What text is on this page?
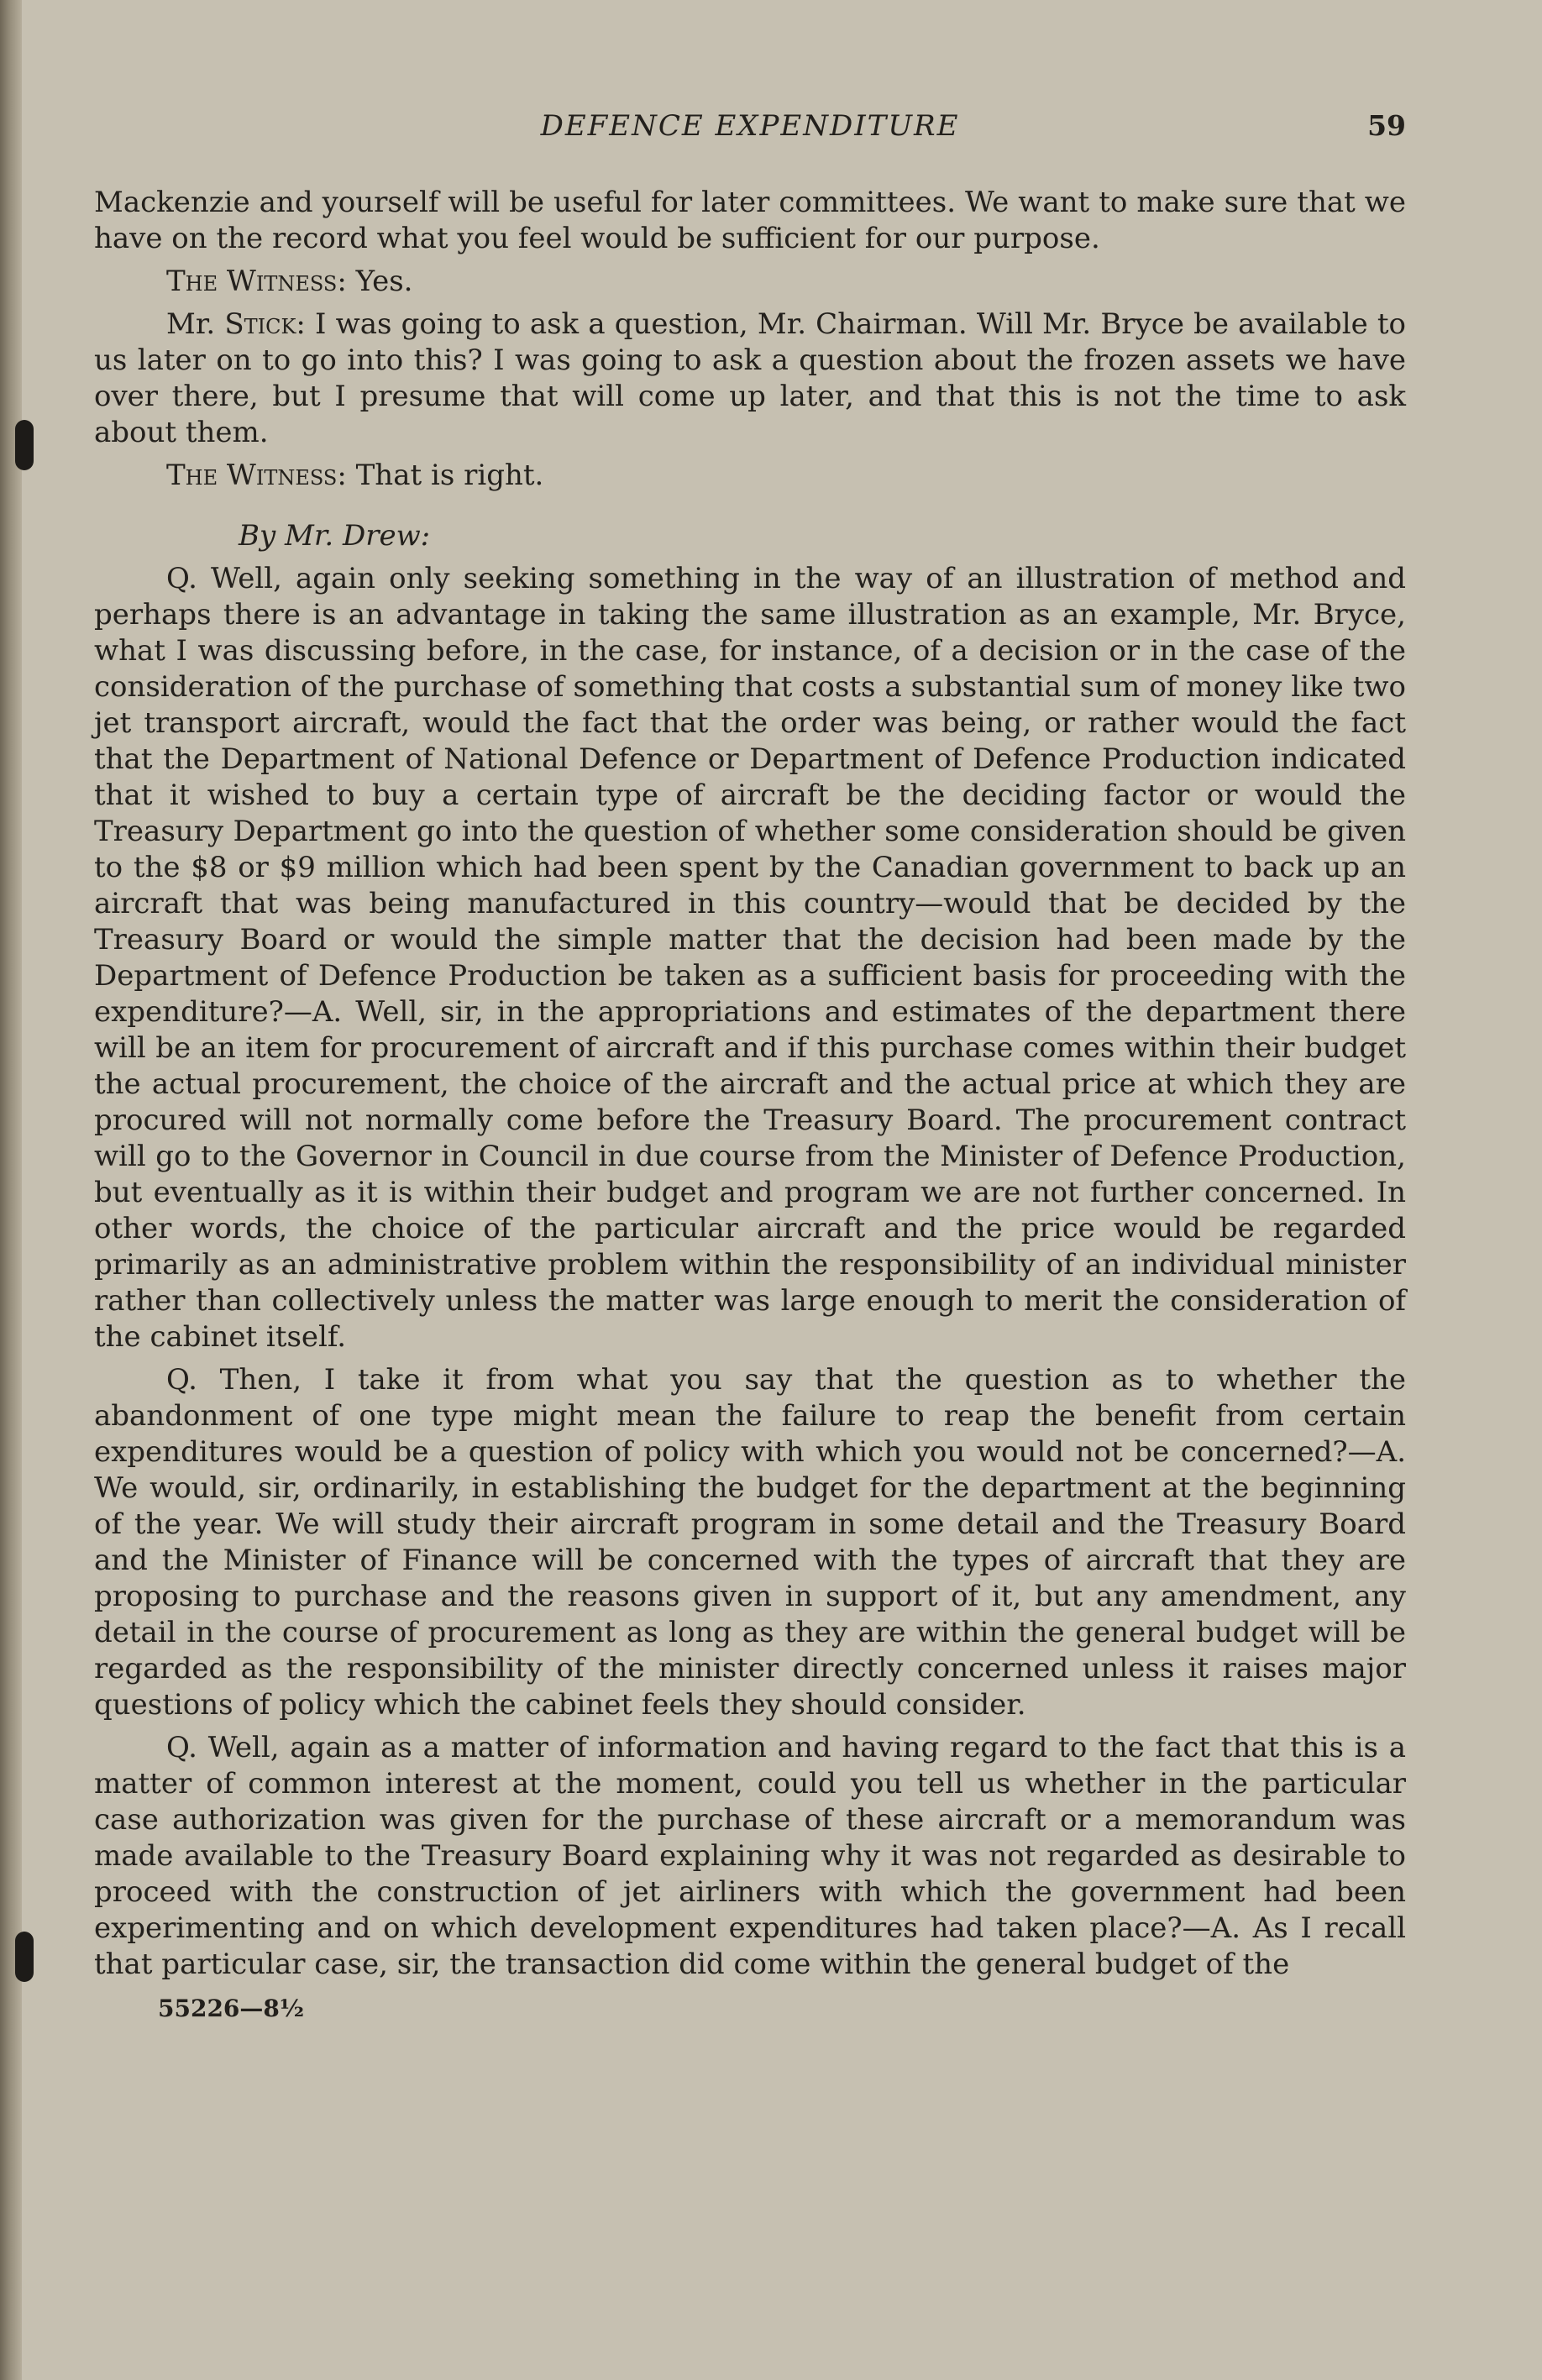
DEFENCE EXPENDITURE	59

Mackenzie and yourself will be useful for later committees. We want to make sure that we have on the record what you feel would be sufficient for our purpose.

The Witness: Yes.

Mr. Stick: I was going to ask a question, Mr. Chairman. Will Mr. Bryce be available to us later on to go into this? I was going to ask a question about the frozen assets we have over there, but I presume that will come up later, and that this is not the time to ask about them.

The Witness: That is right.

By Mr. Drew:

Q. Well, again only seeking something in the way of an illustration of method and perhaps there is an advantage in taking the same illustration as an example, Mr. Bryce, what I was discussing before, in the case, for instance, of a decision or in the case of the consideration of the purchase of something that costs a substantial sum of money like two jet transport aircraft, would the fact that the order was being, or rather would the fact that the Department of National Defence or Department of Defence Production indicated that it wished to buy a certain type of aircraft be the deciding factor or would the Treasury Department go into the question of whether some consideration should be given to the $8 or $9 million which had been spent by the Canadian government to back up an aircraft that was being manufactured in this country—would that be decided by the Treasury Board or would the simple matter that the decision had been made by the Department of Defence Production be taken as a sufficient basis for proceeding with the expenditure?—A. Well, sir, in the appropriations and estimates of the department there will be an item for procurement of aircraft and if this purchase comes within their budget the actual procurement, the choice of the aircraft and the actual price at which they are procured will not normally come before the Treasury Board. The procurement contract will go to the Governor in Council in due course from the Minister of Defence Production, but eventually as it is within their budget and program we are not further concerned. In other words, the choice of the particular aircraft and the price would be regarded primarily as an administrative problem within the responsibility of an individual minister rather than collectively unless the matter was large enough to merit the consideration of the cabinet itself.

Q. Then, I take it from what you say that the question as to whether the abandonment of one type might mean the failure to reap the benefit from certain expenditures would be a question of policy with which you would not be concerned?—A. We would, sir, ordinarily, in establishing the budget for the department at the beginning of the year. We will study their aircraft program in some detail and the Treasury Board and the Minister of Finance will be concerned with the types of aircraft that they are proposing to purchase and the reasons given in support of it, but any amendment, any detail in the course of procurement as long as they are within the general budget will be regarded as the responsibility of the minister directly concerned unless it raises major questions of policy which the cabinet feels they should consider.

Q. Well, again as a matter of information and having regard to the fact that this is a matter of common interest at the moment, could you tell us whether in the particular case authorization was given for the purchase of these aircraft or a memorandum was made available to the Treasury Board explaining why it was not regarded as desirable to proceed with the construction of jet airliners with which the government had been experimenting and on which development expenditures had taken place?—A. As I recall that particular case, sir, the transaction did come within the general budget of the

55226—8½
